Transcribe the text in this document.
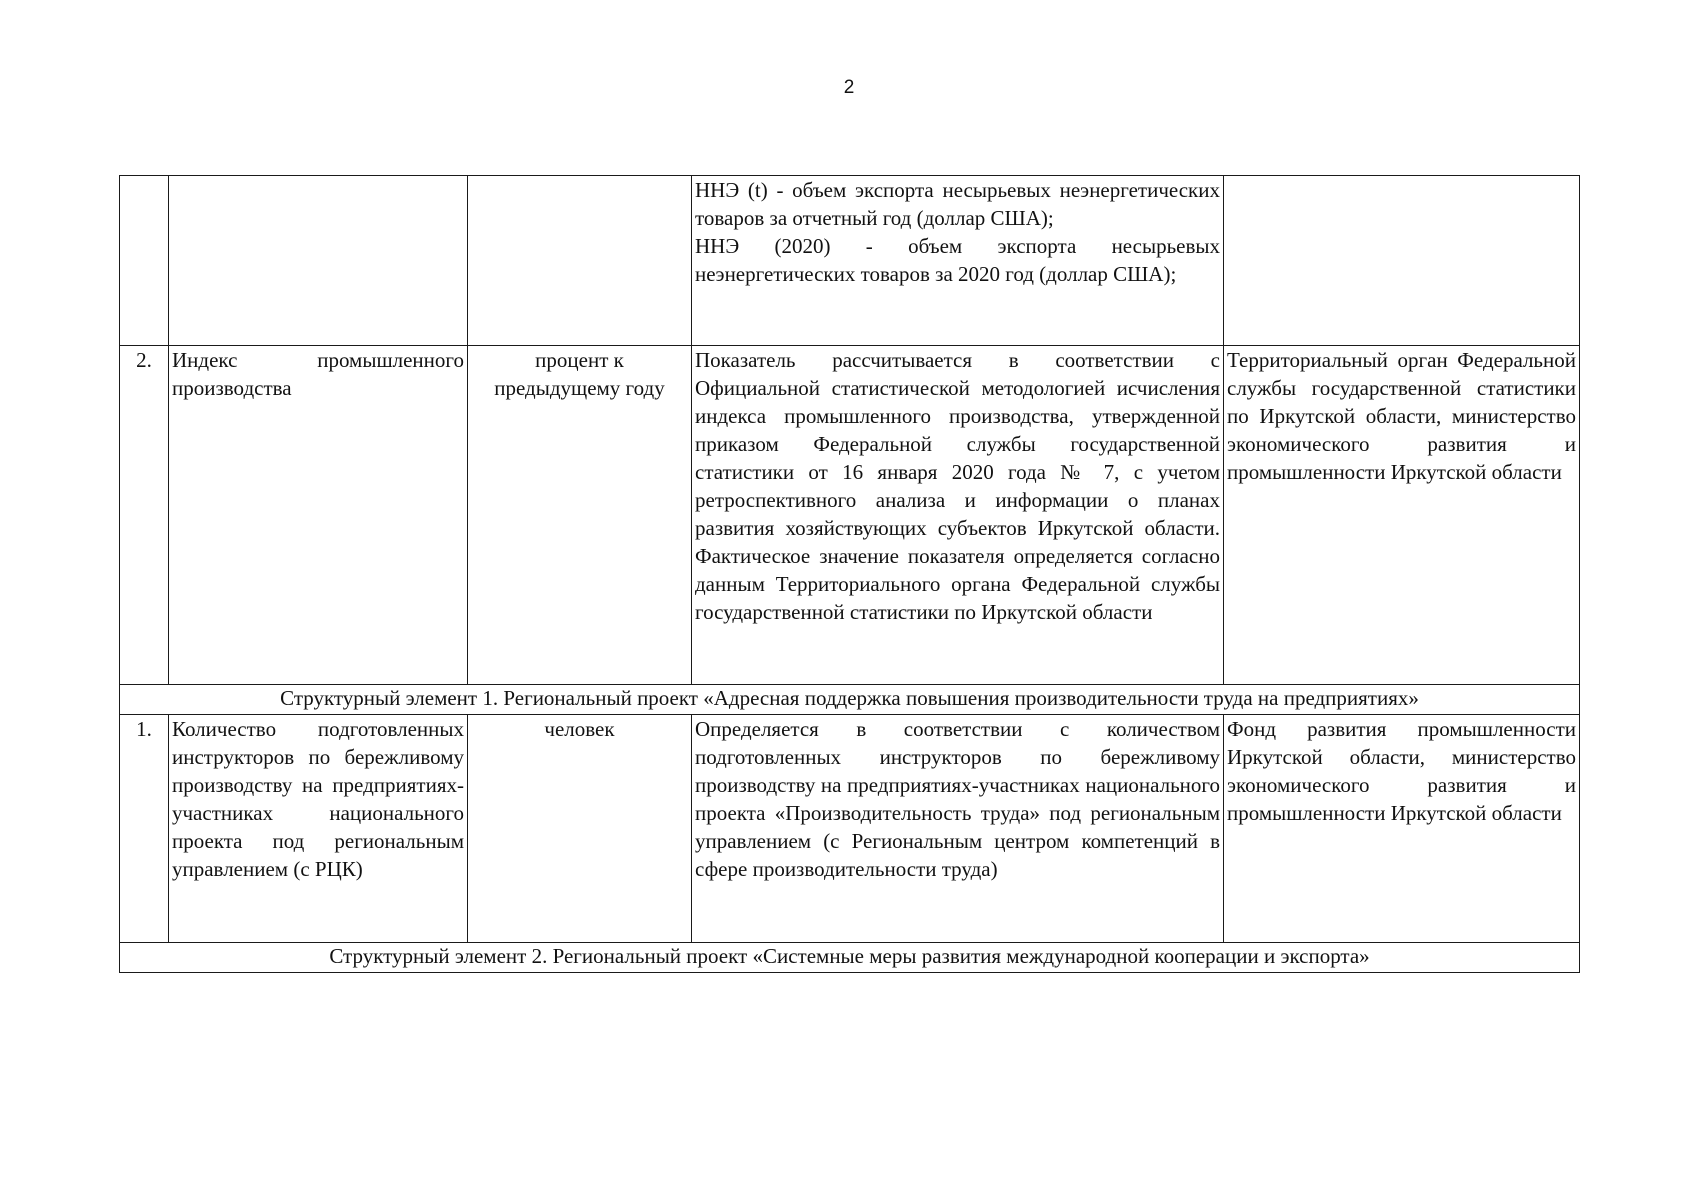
2

			ННЭ (t) - объем экспорта несырьевых неэнергетических товаров за отчетный год (доллар США);
ННЭ (2020) - объем экспорта несырьевых неэнергетических товаров за 2020 год (доллар США);	

2.	Индекс промышленного производства	процент к предыдущему году	Показатель рассчитывается в соответствии с Официальной статистической методологией исчисления индекса промышленного производства, утвержденной приказом Федеральной службы государственной статистики от 16 января 2020 года № 7, с учетом ретроспективного анализа и информации о планах развития хозяйствующих субъектов Иркутской области. Фактическое значение показателя определяется согласно данным Территориального органа Федеральной службы государственной статистики по Иркутской области	Территориальный орган Федеральной службы государственной статистики по Иркутской области, министерство экономического развития и промышленности Иркутской области
Структурный элемент 1. Региональный проект «Адресная поддержка повышения производительности труда на предприятиях»				
1.	Количество подготовленных инструкторов по бережливому производству на предприятиях-участниках национального проекта под региональным управлением (с РЦК)	человек	Определяется в соответствии с количеством подготовленных инструкторов по бережливому производству на предприятиях-участниках национального проекта «Производительность труда» под региональным управлением (с Региональным центром компетенций в сфере производительности труда)	Фонд развития промышленности Иркутской области, министерство экономического развития и промышленности Иркутской области
Структурный элемент 2. Региональный проект «Системные меры развития международной кооперации и экспорта»				
